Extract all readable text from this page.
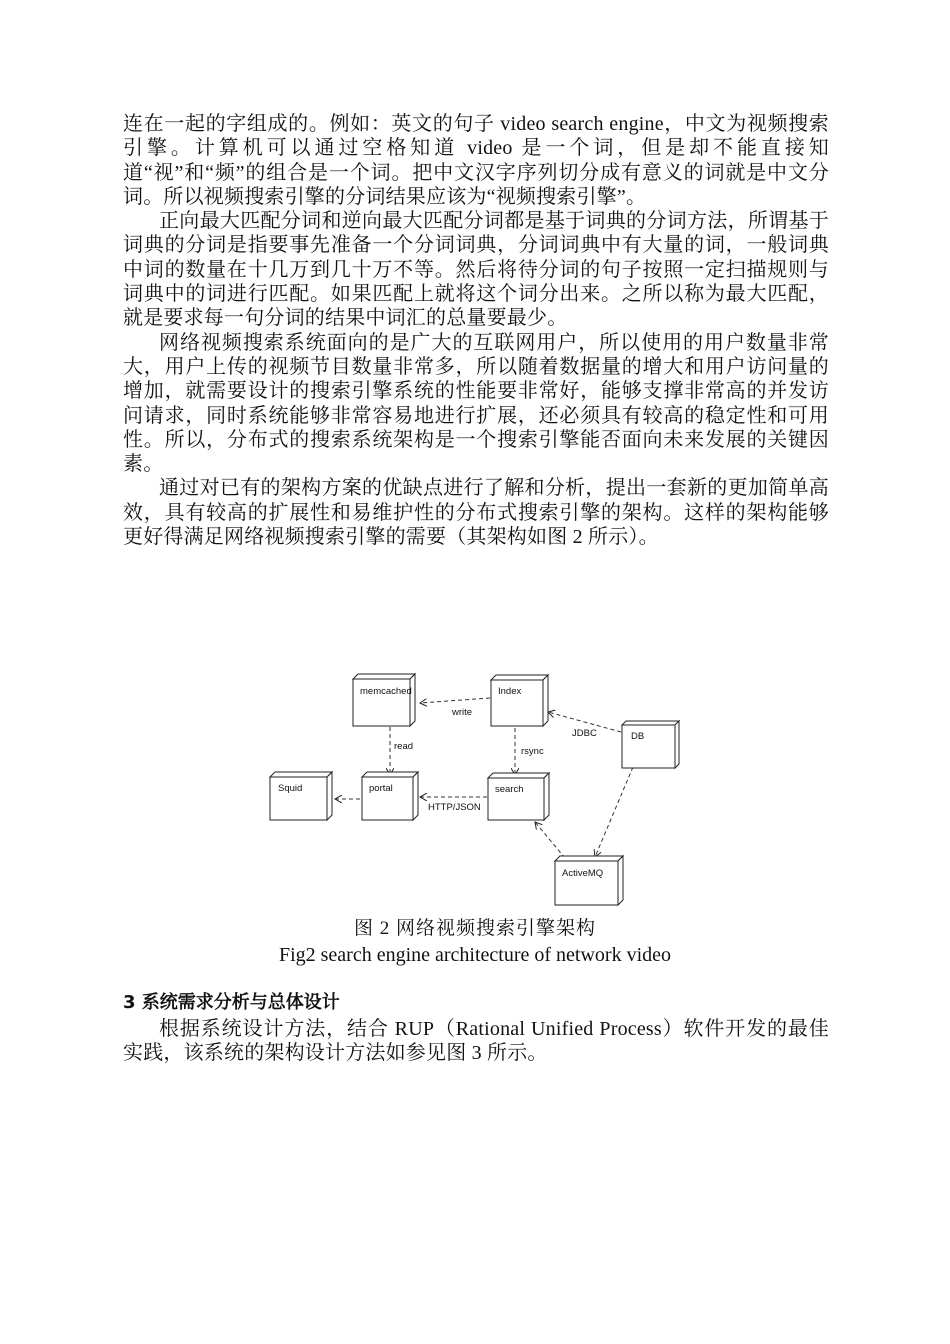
连在一起的字组成的。例如：英文的句子 video search engine，中文为视频搜索引擎。计算机可以通过空格知道 video 是一个词，但是却不能直接知道“视”和“频”的组合是一个词。把中文汉字序列切分成有意义的词就是中文分词。所以视频搜索引擎的分词结果应该为“视频搜索引擎”。

正向最大匹配分词和逆向最大匹配分词都是基于词典的分词方法，所谓基于词典的分词是指要事先准备一个分词词典，分词词典中有大量的词，一般词典中词的数量在十几万到几十万不等。然后将待分词的句子按照一定扫描规则与词典中的词进行匹配。如果匹配上就将这个词分出来。之所以称为最大匹配，就是要求每一句分词的结果中词汇的总量要最少。

网络视频搜索系统面向的是广大的互联网用户，所以使用的用户数量非常大，用户上传的视频节目数量非常多，所以随着数据量的增大和用户访问量的增加，就需要设计的搜索引擎系统的性能要非常好，能够支撑非常高的并发访问请求，同时系统能够非常容易地进行扩展，还必须具有较高的稳定性和可用性。所以，分布式的搜索系统架构是一个搜索引擎能否面向未来发展的关键因素。

通过对已有的架构方案的优缺点进行了解和分析，提出一套新的更加简单高效，具有较高的扩展性和易维护性的分布式搜索引擎的架构。这样的架构能够更好得满足网络视频搜索引擎的需要（其架构如图 2 所示）。

memcached	Index
DB
Squid	portal	search
ActiveMQ
write
read	rsync
JDBC
HTTP/JSON
图 2 网络视频搜索引擎架构
Fig2 search engine architecture of network video
3 系统需求分析与总体设计

根据系统设计方法，结合 RUP（Rational Unified Process）软件开发的最佳实践，该系统的架构设计方法如参见图 3 所示。
